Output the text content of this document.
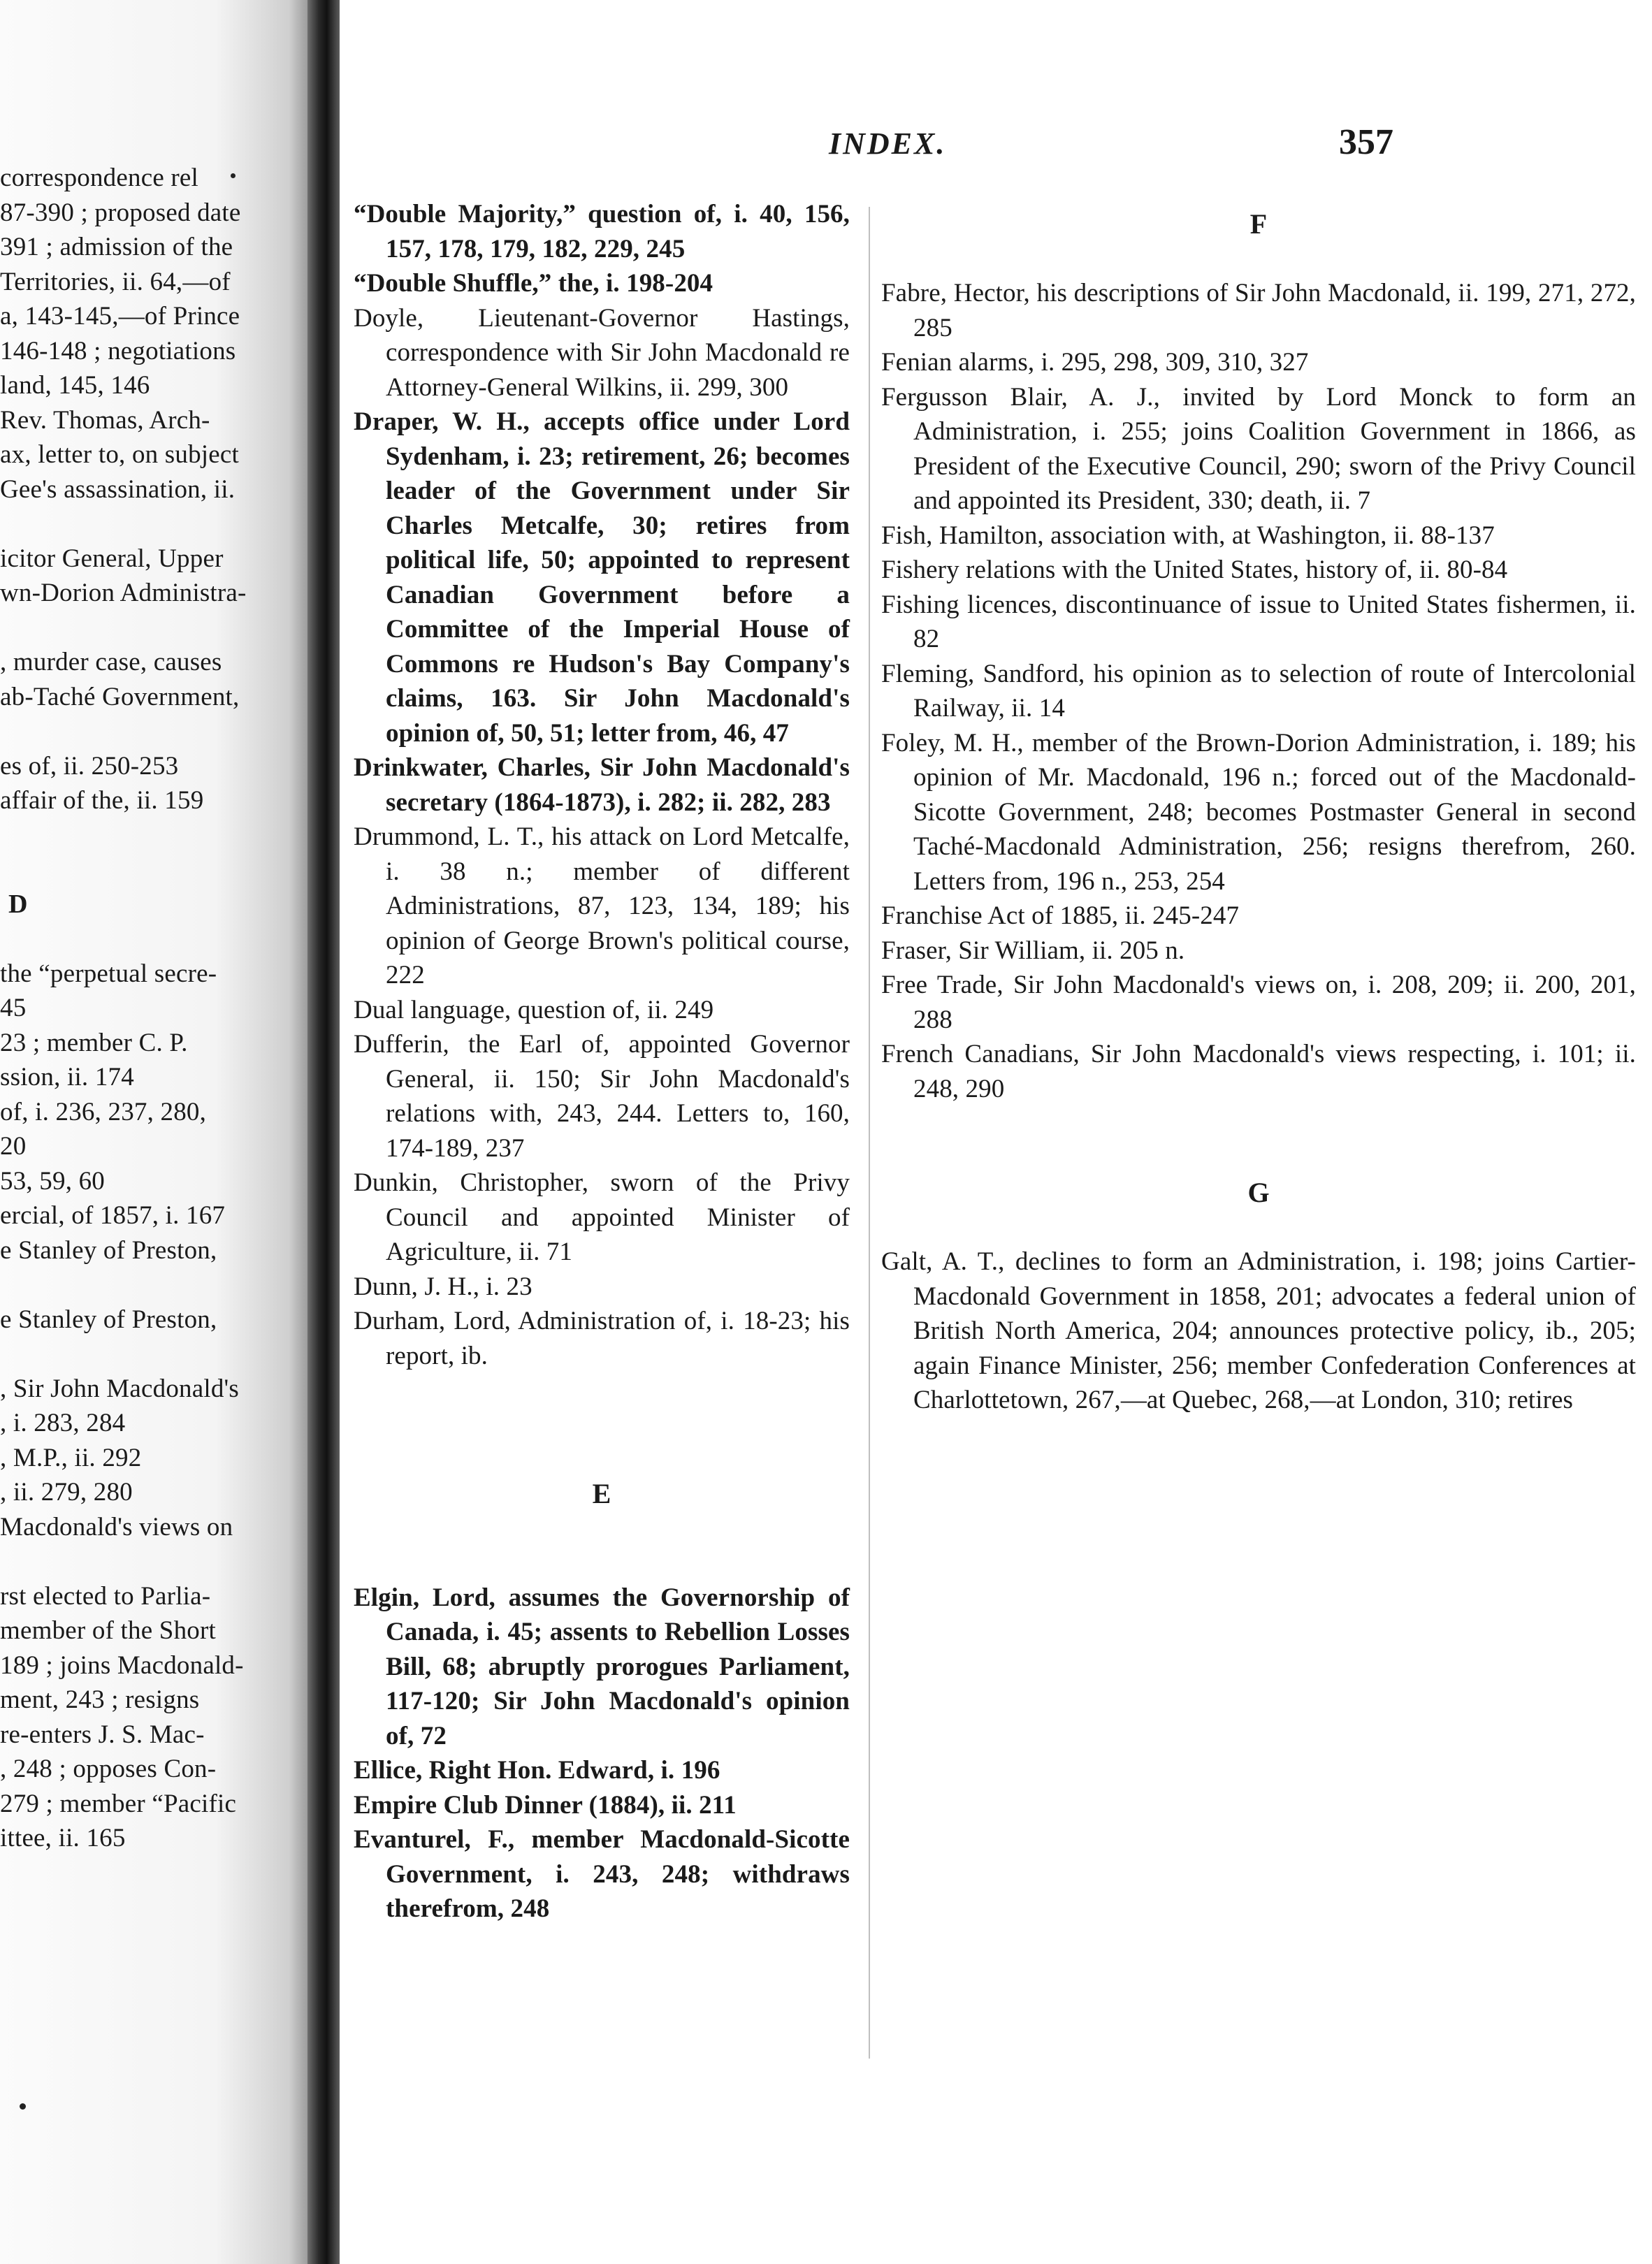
correspondence rel
87-390 ; proposed date
391 ; admission of the
Territories, ii. 64,—of
a, 143-145,—of Prince
146-148 ; negotiations
land, 145, 146
Rev. Thomas, Arch-
ax, letter to, on subject
Gee's assassination, ii.
icitor General, Upper
wn-Dorion Administra-
, murder case, causes
ab-Taché Government,
es of, ii. 250-253
affair of the, ii. 159
D
the “perpetual secre-
45
23 ; member C. P.
ssion, ii. 174
of, i. 236, 237, 280,
20
53, 59, 60
ercial, of 1857, i. 167
e Stanley of Preston,
e Stanley of Preston,
, Sir John Macdonald's
, i. 283, 284
, M.P., ii. 292
, ii. 279, 280
Macdonald's views on
rst elected to Parlia-
member of the Short
189 ; joins Macdonald-
ment, 243 ; resigns
re-enters J. S. Mac-
, 248 ; opposes Con-
279 ; member “Pacific
ittee, ii. 165
INDEX.	357
“Double Majority,” question of, i. 40, 156, 157, 178, 179, 182, 229, 245
“Double Shuffle,” the, i. 198-204
Doyle, Lieutenant-Governor Hastings, correspondence with Sir John Macdonald re Attorney-General Wilkins, ii. 299, 300
Draper, W. H., accepts office under Lord Sydenham, i. 23; retirement, 26; becomes leader of the Government under Sir Charles Metcalfe, 30; retires from political life, 50; appointed to represent Canadian Government before a Committee of the Imperial House of Commons re Hudson's Bay Company's claims, 163. Sir John Macdonald's opinion of, 50, 51; letter from, 46, 47
Drinkwater, Charles, Sir John Macdonald's secretary (1864-1873), i. 282; ii. 282, 283
Drummond, L. T., his attack on Lord Metcalfe, i. 38 n.; member of different Administrations, 87, 123, 134, 189; his opinion of George Brown's political course, 222
Dual language, question of, ii. 249
Dufferin, the Earl of, appointed Governor General, ii. 150; Sir John Macdonald's relations with, 243, 244. Letters to, 160, 174-189, 237
Dunkin, Christopher, sworn of the Privy Council and appointed Minister of Agriculture, ii. 71
Dunn, J. H., i. 23
Durham, Lord, Administration of, i. 18-23; his report, ib.
E
Elgin, Lord, assumes the Governorship of Canada, i. 45; assents to Rebellion Losses Bill, 68; abruptly prorogues Parliament, 117-120; Sir John Macdonald's opinion of, 72
Ellice, Right Hon. Edward, i. 196
Empire Club Dinner (1884), ii. 211
Evanturel, F., member Macdonald-Sicotte Government, i. 243, 248; withdraws therefrom, 248
F
Fabre, Hector, his descriptions of Sir John Macdonald, ii. 199, 271, 272, 285
Fenian alarms, i. 295, 298, 309, 310, 327
Fergusson Blair, A. J., invited by Lord Monck to form an Administration, i. 255; joins Coalition Government in 1866, as President of the Executive Council, 290; sworn of the Privy Council and appointed its President, 330; death, ii. 7
Fish, Hamilton, association with, at Washington, ii. 88-137
Fishery relations with the United States, history of, ii. 80-84
Fishing licences, discontinuance of issue to United States fishermen, ii. 82
Fleming, Sandford, his opinion as to selection of route of Intercolonial Railway, ii. 14
Foley, M. H., member of the Brown-Dorion Administration, i. 189; his opinion of Mr. Macdonald, 196 n.; forced out of the Macdonald-Sicotte Government, 248; becomes Postmaster General in second Taché-Macdonald Administration, 256; resigns therefrom, 260. Letters from, 196 n., 253, 254
Franchise Act of 1885, ii. 245-247
Fraser, Sir William, ii. 205 n.
Free Trade, Sir John Macdonald's views on, i. 208, 209; ii. 200, 201, 288
French Canadians, Sir John Macdonald's views respecting, i. 101; ii. 248, 290
G
Galt, A. T., declines to form an Administration, i. 198; joins Cartier-Macdonald Government in 1858, 201; advocates a federal union of British North America, 204; announces protective policy, ib., 205; again Finance Minister, 256; member Confederation Conferences at Charlottetown, 267,—at Quebec, 268,—at London, 310; retires
